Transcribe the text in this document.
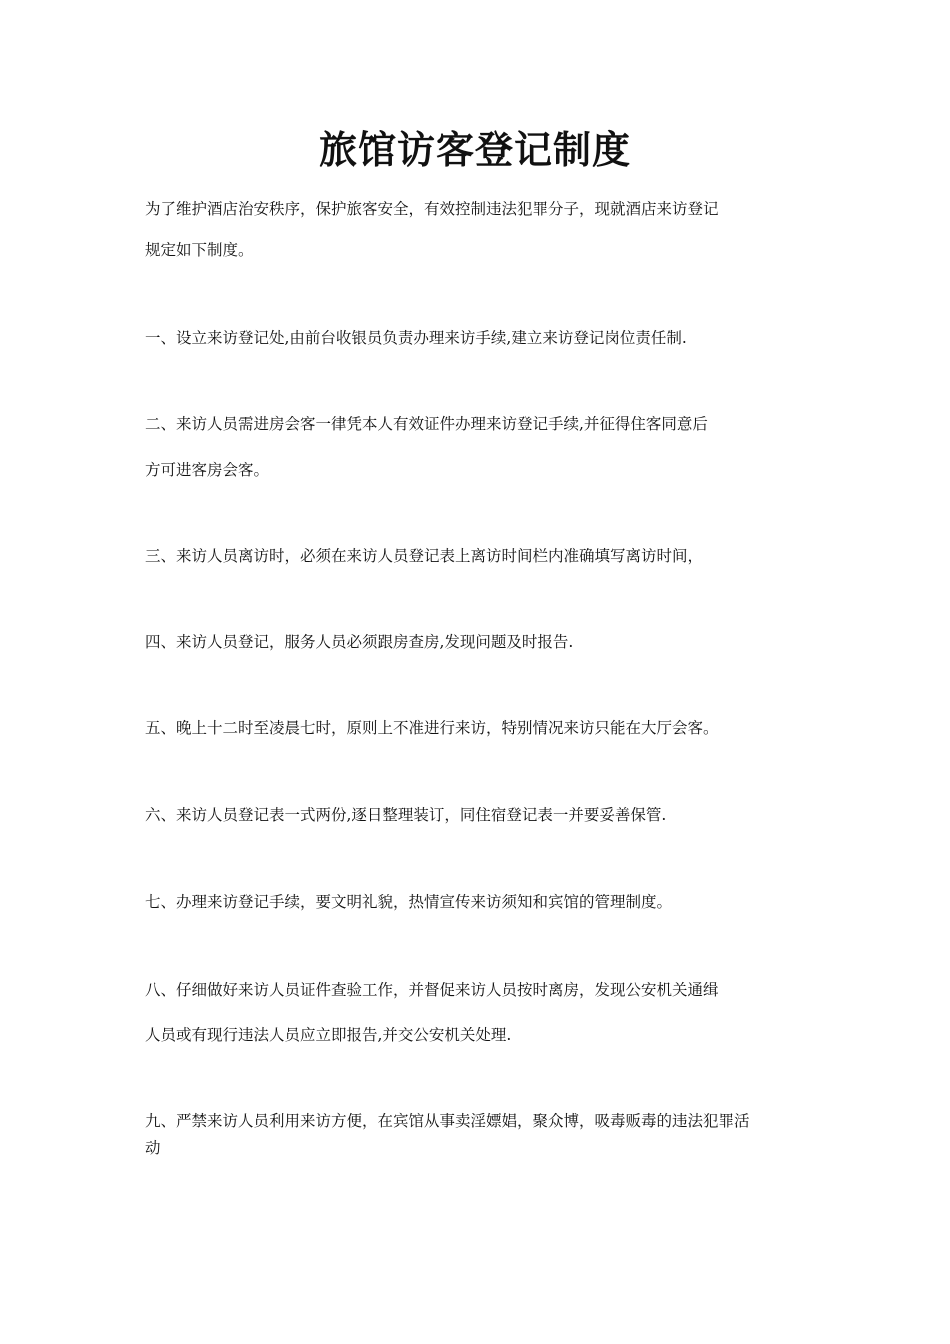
旅馆访客登记制度
为了维护酒店治安秩序，保护旅客安全，有效控制违法犯罪分子，现就酒店来访登记
规定如下制度。
一、设立来访登记处,由前台收银员负责办理来访手续,建立来访登记岗位责任制.
二、来访人员需进房会客一律凭本人有效证件办理来访登记手续,并征得住客同意后
方可进客房会客。
三、来访人员离访时，必须在来访人员登记表上离访时间栏内准确填写离访时间，
四、来访人员登记，服务人员必须跟房查房,发现问题及时报告.
五、晚上十二时至凌晨七时，原则上不准进行来访，特别情况来访只能在大厅会客。
六、来访人员登记表一式两份,逐日整理装订，同住宿登记表一并要妥善保管.
七、办理来访登记手续，要文明礼貌，热情宣传来访须知和宾馆的管理制度。
八、仔细做好来访人员证件查验工作，并督促来访人员按时离房，发现公安机关通缉
人员或有现行违法人员应立即报告,并交公安机关处理.
九、严禁来访人员利用来访方便，在宾馆从事卖淫嫖娼，聚众博，吸毒贩毒的违法犯罪活
动
